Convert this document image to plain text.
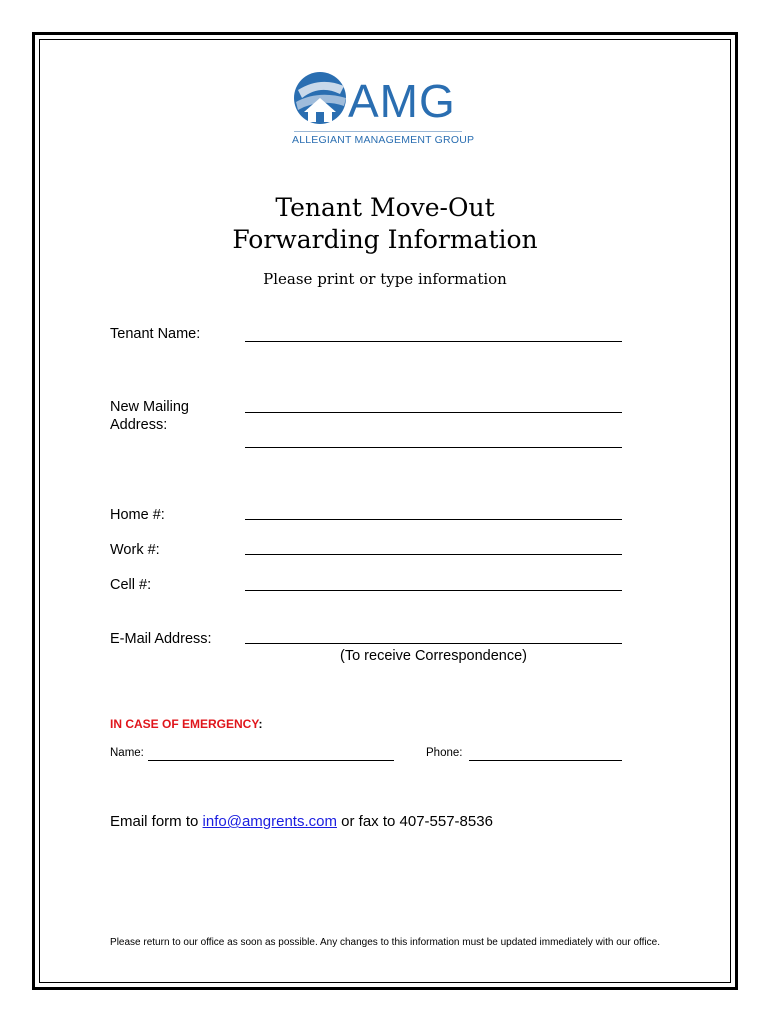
AMG
ALLEGIANT MANAGEMENT GROUP
Tenant Move-Out
Forwarding Information
Please print or type information
Tenant Name:
New Mailing
Address:
Home #:
Work #:
Cell #:
E-Mail Address:
(To receive Correspondence)
IN CASE OF EMERGENCY:
Name:	Phone:
Email form to info@amgrents.com or fax to 407-557-8536
Please return to our office as soon as possible. Any changes to this information must be updated immediately with our office.
